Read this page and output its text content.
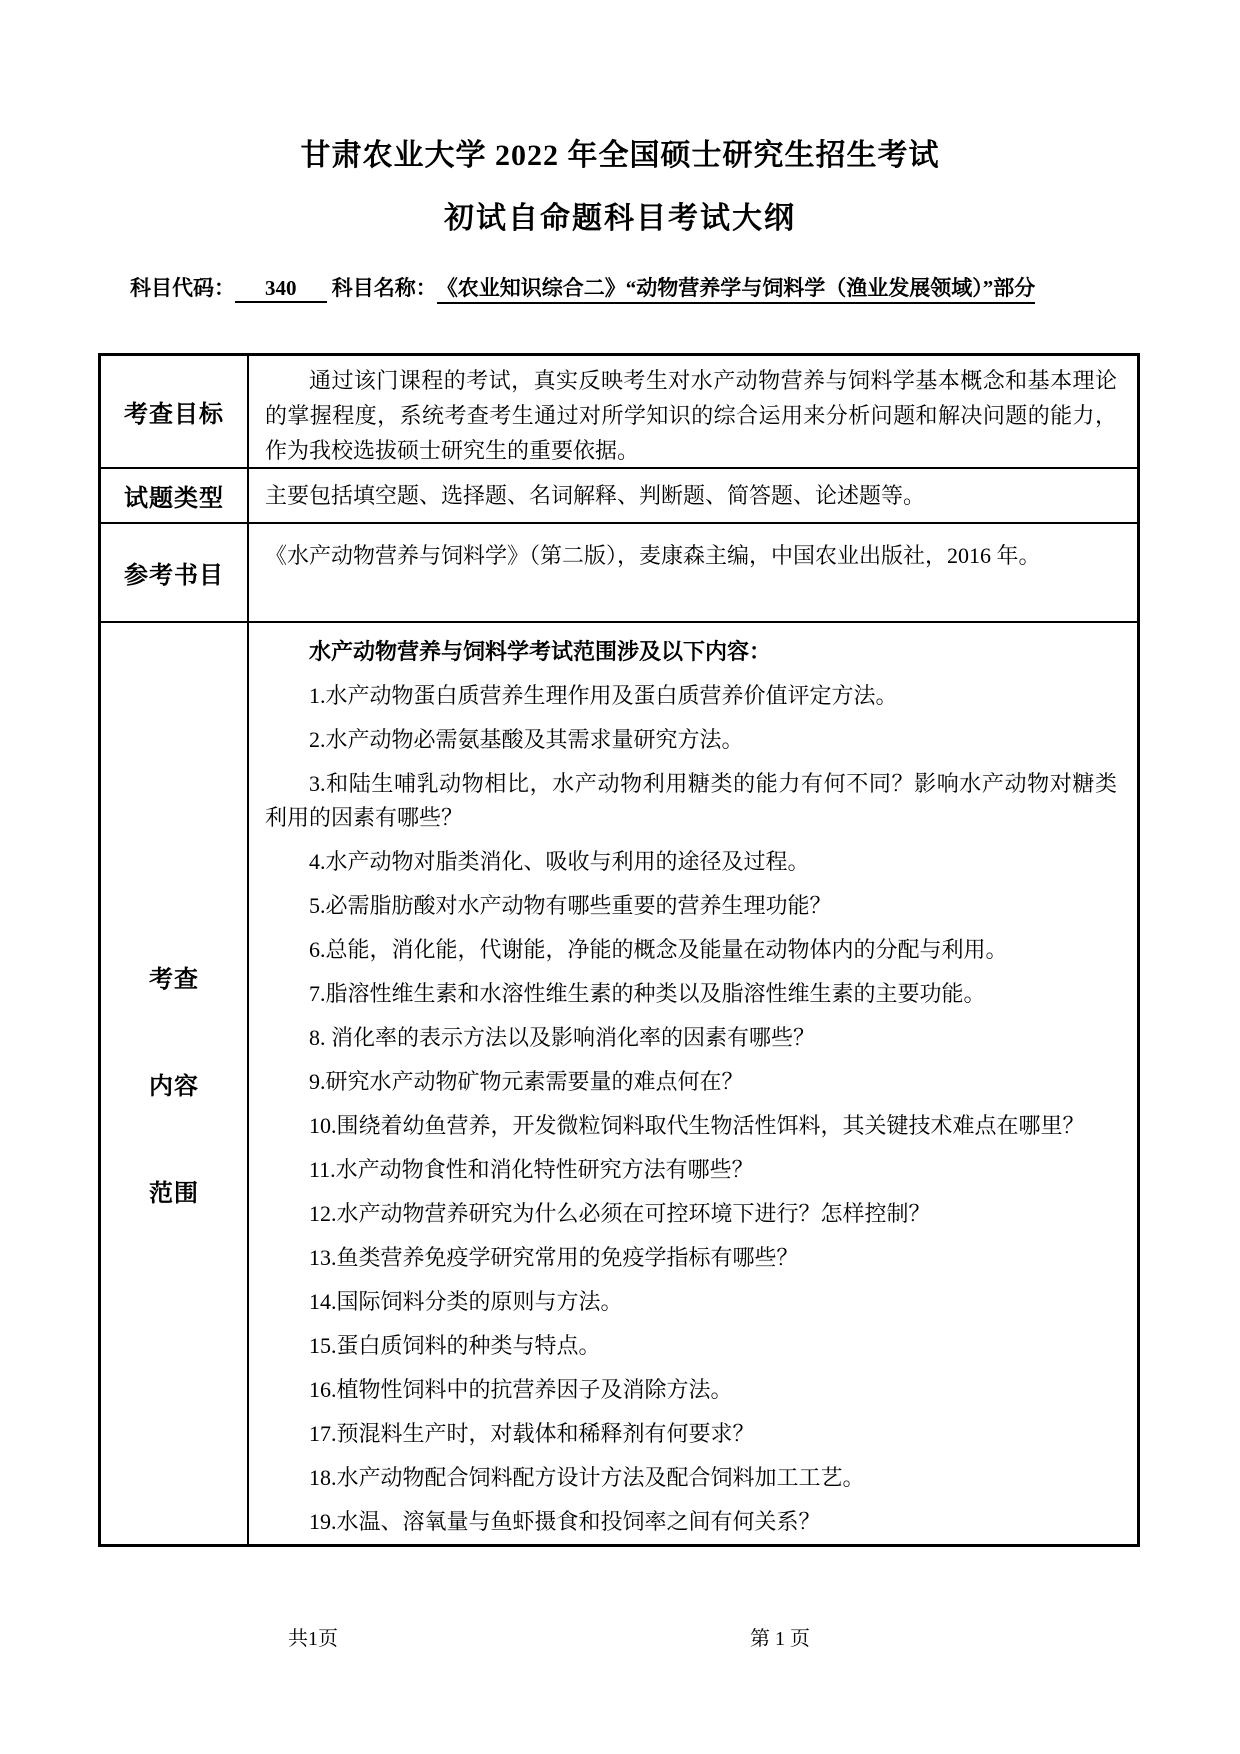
甘肃农业大学 2022 年全国硕士研究生招生考试
初试自命题科目考试大纲
科目代码： 340 科目名称：《农业知识综合二》“动物营养学与饲料学（渔业发展领域）”部分
考查目标
通过该门课程的考试，真实反映考生对水产动物营养与饲料学基本概念和基本理论的掌握程度，系统考查考生通过对所学知识的综合运用来分析问题和解决问题的能力，作为我校选拔硕士研究生的重要依据。
试题类型	主要包括填空题、选择题、名词解释、判断题、简答题、论述题等。
参考书目
《水产动物营养与饲料学》（第二版），麦康森主编，中国农业出版社，2016 年。
考查
内容
范围

水产动物营养与饲料学考试范围涉及以下内容：

1.水产动物蛋白质营养生理作用及蛋白质营养价值评定方法。

2.水产动物必需氨基酸及其需求量研究方法。

3.和陆生哺乳动物相比，水产动物利用糖类的能力有何不同？影响水产动物对糖类利用的因素有哪些？

4.水产动物对脂类消化、吸收与利用的途径及过程。

5.必需脂肪酸对水产动物有哪些重要的营养生理功能？

6.总能，消化能，代谢能，净能的概念及能量在动物体内的分配与利用。

7.脂溶性维生素和水溶性维生素的种类以及脂溶性维生素的主要功能。

8. 消化率的表示方法以及影响消化率的因素有哪些？

9.研究水产动物矿物元素需要量的难点何在？

10.围绕着幼鱼营养，开发微粒饲料取代生物活性饵料，其关键技术难点在哪里？

11.水产动物食性和消化特性研究方法有哪些？

12.水产动物营养研究为什么必须在可控环境下进行？怎样控制？

13.鱼类营养免疫学研究常用的免疫学指标有哪些？

14.国际饲料分类的原则与方法。

15.蛋白质饲料的种类与特点。

16.植物性饲料中的抗营养因子及消除方法。

17.预混料生产时，对载体和稀释剂有何要求？

18.水产动物配合饲料配方设计方法及配合饲料加工工艺。

19.水温、溶氧量与鱼虾摄食和投饲率之间有何关系？

共1页	第 1 页
